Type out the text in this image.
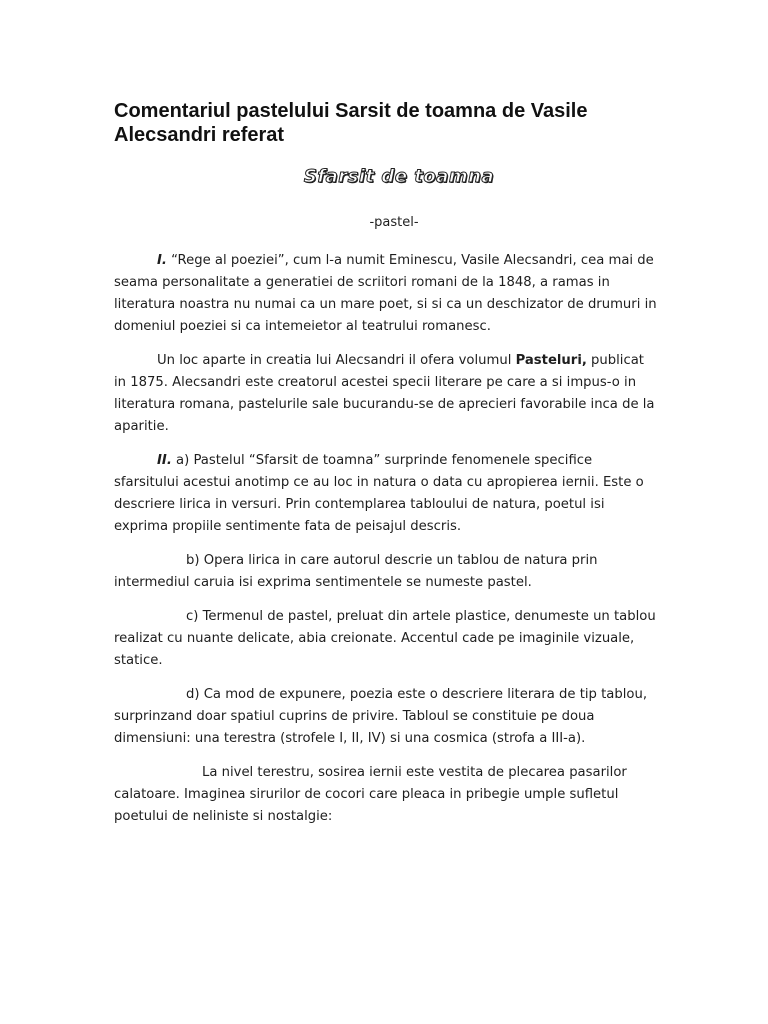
Comentariul pastelului Sarsit de toamna de Vasile Alecsandri referat
Sfarsit de toamna
-pastel-

I. “Rege al poeziei”, cum l-a numit Eminescu, Vasile Alecsandri, cea mai de seama personalitate a generatiei de scriitori romani de la 1848, a ramas in literatura noastra nu numai ca un mare poet, si si ca un deschizator de drumuri in domeniul poeziei si ca intemeietor al teatrului romanesc.

Un loc aparte in creatia lui Alecsandri il ofera volumul Pasteluri, publicat in 1875. Alecsandri este creatorul acestei specii literare pe care a si impus-o in literatura romana, pastelurile sale bucurandu-se de aprecieri favorabile inca de la aparitie.

II. a) Pastelul “Sfarsit de toamna” surprinde fenomenele specifice sfarsitului acestui anotimp ce au loc in natura o data cu apropierea iernii. Este o descriere lirica in versuri. Prin contemplarea tabloului de natura, poetul isi exprima propiile sentimente fata de peisajul descris.

b) Opera lirica in care autorul descrie un tablou de natura prin intermediul caruia isi exprima sentimentele se numeste pastel.

c) Termenul de pastel, preluat din artele plastice, denumeste un tablou realizat cu nuante delicate, abia creionate. Accentul cade pe imaginile vizuale, statice.

d) Ca mod de expunere, poezia este o descriere literara de tip tablou, surprinzand doar spatiul cuprins de privire. Tabloul se constituie pe doua dimensiuni: una terestra (strofele I, II, IV) si una cosmica (strofa a III-a).

La nivel terestru, sosirea iernii este vestita de plecarea pasarilor calatoare. Imaginea sirurilor de cocori care pleaca in pribegie umple sufletul poetului de neliniste si nostalgie:
